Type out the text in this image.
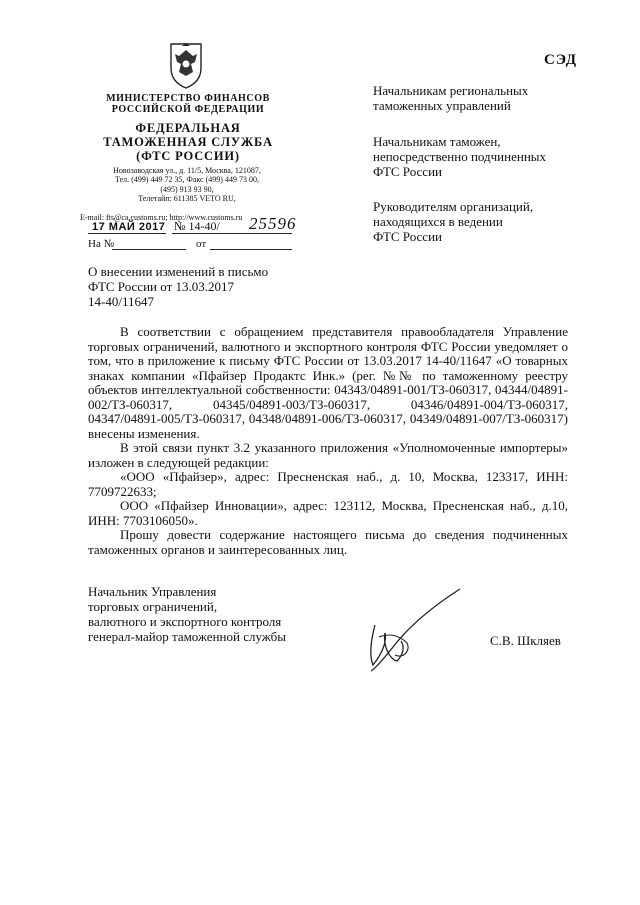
СЭД
МИНИСТЕРСТВО ФИНАНСОВ
РОССИЙСКОЙ ФЕДЕРАЦИИ
ФЕДЕРАЛЬНАЯ
ТАМОЖЕННАЯ СЛУЖБА
(ФТС РОССИИ)
Новозаводская ул., д. 11/5, Москва, 121087,
Тел. (499) 449 72 35, Факс (499) 449 73 00,
(495) 913 93 90,
Телетайп: 611385 VETO RU,
E-mail: fts@ca.customs.ru; http://www.customs.ru
17 МАЙ 2017 № 14-40/ 25596
На №	от
Начальникам региональных
таможенных управлений
Начальникам таможен,
непосредственно подчиненных
ФТС России
Руководителям организаций,
находящихся в ведении
ФТС России
О внесении изменений в письмо
ФТС России от 13.03.2017
14-40/11647

В соответствии с обращением представителя правообладателя Управление торговых ограничений, валютного и экспортного контроля ФТС России уведомляет о том, что в приложение к письму ФТС России от 13.03.2017 14-40/11647 «О товарных знаках компании «Пфайзер Продактс Инк.» (рег. №№ по таможенному реестру объектов интеллектуальной собственности: 04343/04891-001/ТЗ-060317, 04344/04891-002/ТЗ-060317, 04345/04891-003/ТЗ-060317, 04346/04891-004/ТЗ-060317, 04347/04891-005/ТЗ-060317, 04348/04891-006/ТЗ-060317, 04349/04891-007/ТЗ-060317) внесены изменения.

В этой связи пункт 3.2 указанного приложения «Уполномоченные импортеры» изложен в следующей редакции:

«ООО «Пфайзер», адрес: Пресненская наб., д. 10, Москва, 123317, ИНН: 7709722633;

ООО «Пфайзер Инновации», адрес: 123112, Москва, Пресненская наб., д.10, ИНН: 7703106050».

Прошу довести содержание настоящего письма до сведения подчиненных таможенных органов и заинтересованных лиц.

Начальник Управления
торговых ограничений,
валютного и экспортного контроля
генерал-майор таможенной службы	С.В. Шкляев
